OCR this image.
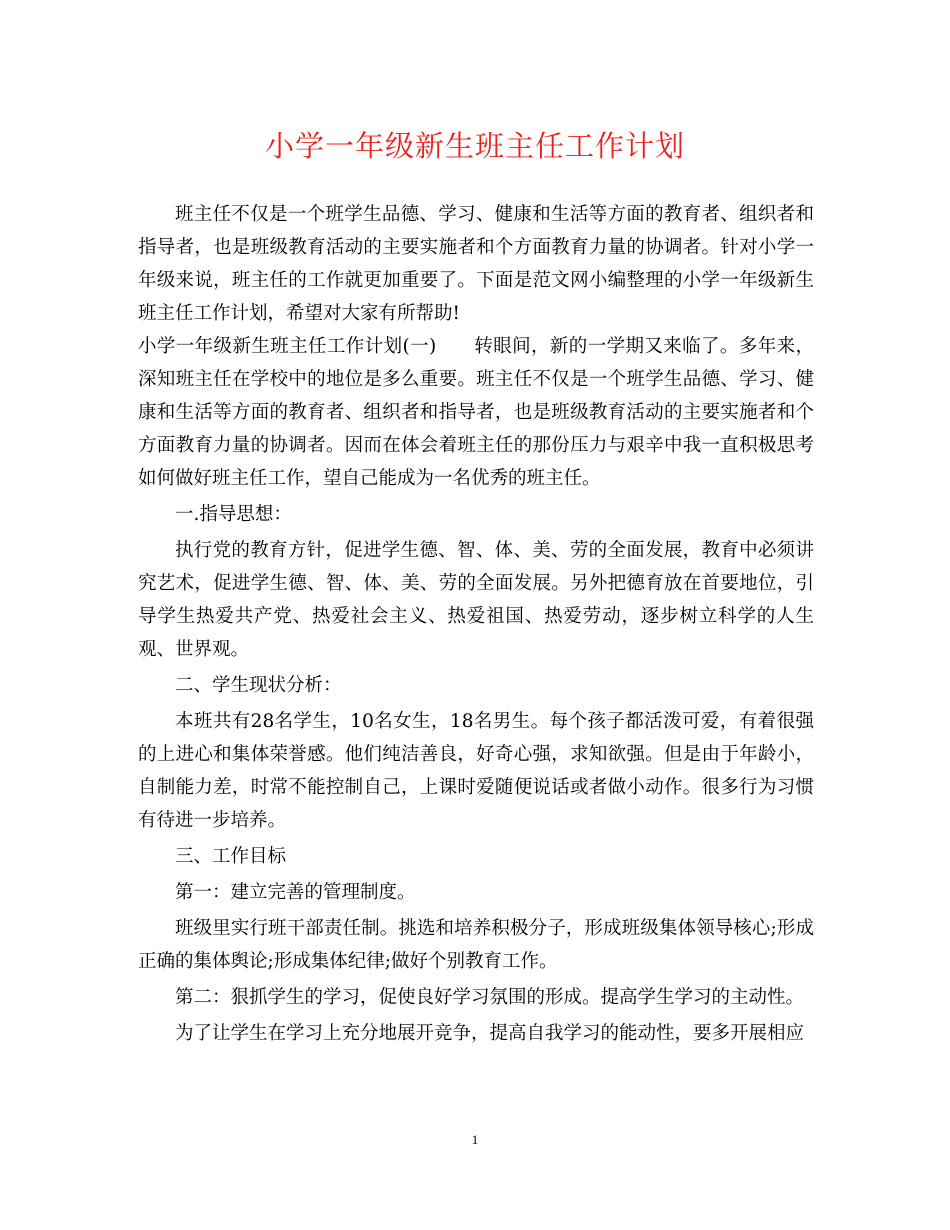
小学一年级新生班主任工作计划

班主任不仅是一个班学生品德、学习、健康和生活等方面的教育者、组织者和指导者，也是班级教育活动的主要实施者和个方面教育力量的协调者。针对小学一年级来说，班主任的工作就更加重要了。下面是范文网小编整理的小学一年级新生班主任工作计划，希望对大家有所帮助!

小学一年级新生班主任工作计划(一)　　转眼间，新的一学期又来临了。多年来，深知班主任在学校中的地位是多么重要。班主任不仅是一个班学生品德、学习、健康和生活等方面的教育者、组织者和指导者，也是班级教育活动的主要实施者和个方面教育力量的协调者。因而在体会着班主任的那份压力与艰辛中我一直积极思考如何做好班主任工作，望自己能成为一名优秀的班主任。

一.指导思想：

执行党的教育方针，促进学生德、智、体、美、劳的全面发展，教育中必须讲究艺术，促进学生德、智、体、美、劳的全面发展。另外把德育放在首要地位，引导学生热爱共产党、热爱社会主义、热爱祖国、热爱劳动，逐步树立科学的人生观、世界观。

二、学生现状分析：

本班共有28名学生，10名女生，18名男生。每个孩子都活泼可爱，有着很强的上进心和集体荣誉感。他们纯洁善良，好奇心强，求知欲强。但是由于年龄小，自制能力差，时常不能控制自己，上课时爱随便说话或者做小动作。很多行为习惯有待进一步培养。

三、工作目标

第一：建立完善的管理制度。

班级里实行班干部责任制。挑选和培养积极分子，形成班级集体领导核心;形成正确的集体舆论;形成集体纪律;做好个别教育工作。

第二：狠抓学生的学习，促使良好学习氛围的形成。提高学生学习的主动性。

为了让学生在学习上充分地展开竞争，提高自我学习的能动性，要多开展相应

1
